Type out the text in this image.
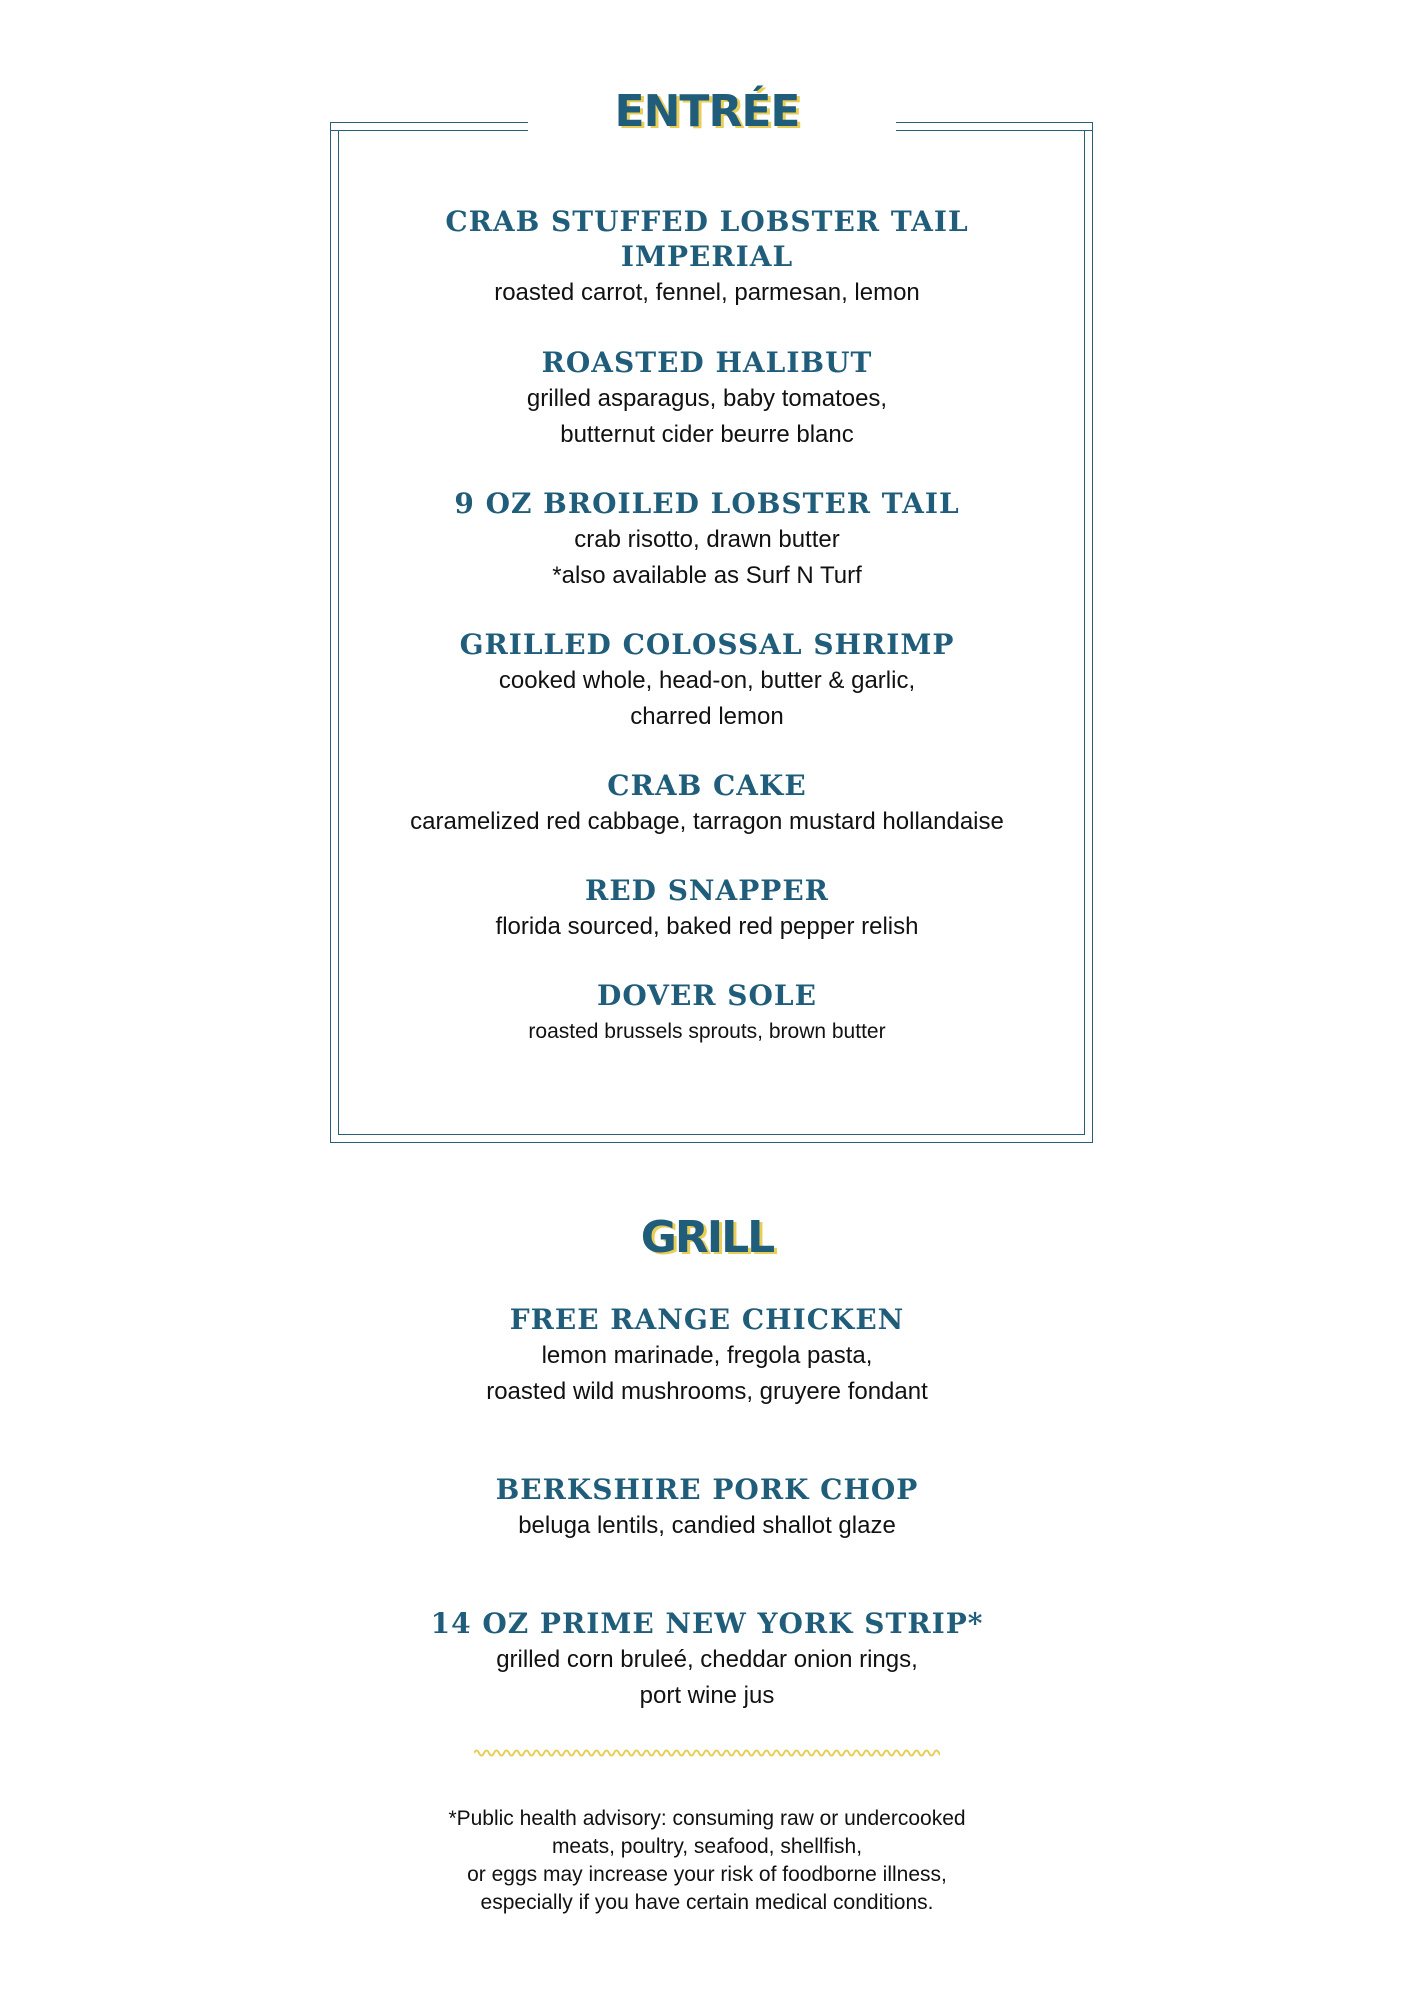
ENTRÉE
CRAB STUFFED LOBSTER TAIL
IMPERIAL
roasted carrot, fennel, parmesan, lemon
ROASTED HALIBUT
grilled asparagus, baby tomatoes,
butternut cider beurre blanc
9 OZ BROILED LOBSTER TAIL
crab risotto, drawn butter
*also available as Surf N Turf
GRILLED COLOSSAL SHRIMP
cooked whole, head-on, butter & garlic,
charred lemon
CRAB CAKE
caramelized red cabbage, tarragon mustard hollandaise
RED SNAPPER
florida sourced, baked red pepper relish
DOVER SOLE
roasted brussels sprouts, brown butter
GRILL
FREE RANGE CHICKEN
lemon marinade, fregola pasta,
roasted wild mushrooms, gruyere fondant
BERKSHIRE PORK CHOP
beluga lentils, candied shallot glaze
14 OZ PRIME NEW YORK STRIP*
grilled corn bruleé, cheddar onion rings,
port wine jus
*Public health advisory: consuming raw or undercooked
meats, poultry, seafood, shellfish,
or eggs may increase your risk of foodborne illness,
especially if you have certain medical conditions.
